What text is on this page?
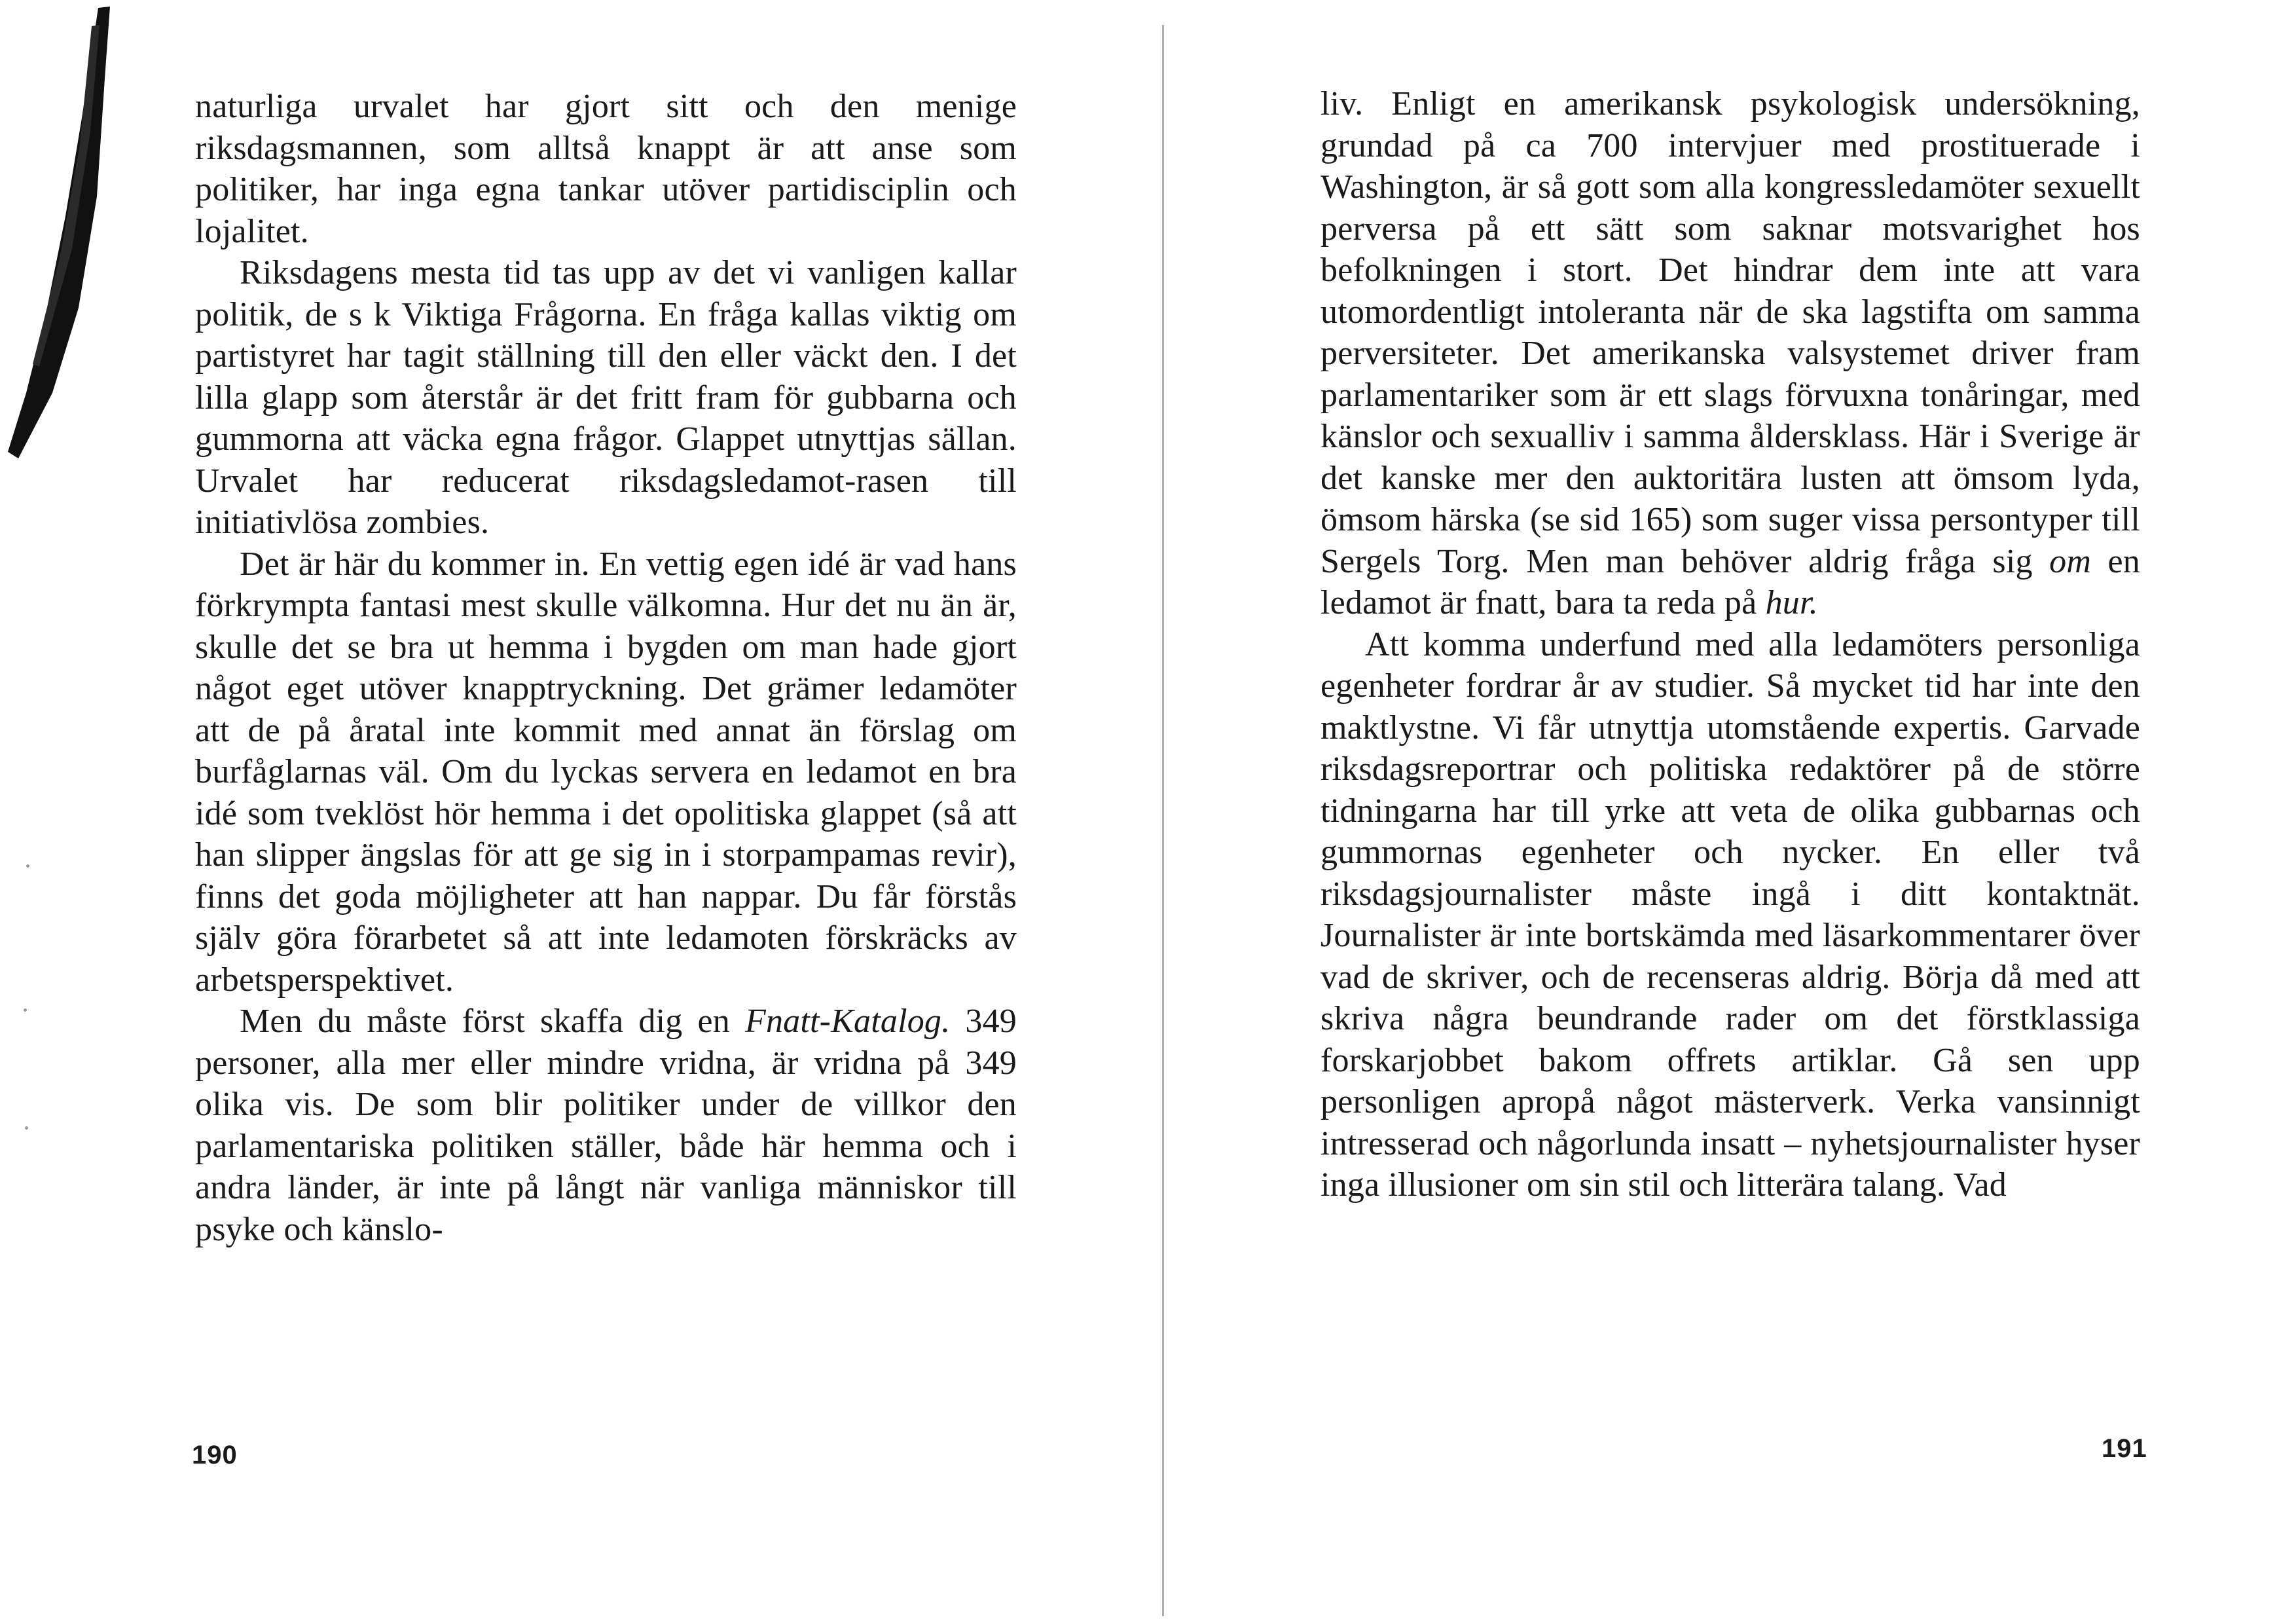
naturliga urvalet har gjort sitt och den menige riksdagsmannen, som alltså knappt är att anse som politiker, har inga egna tankar utöver partidisciplin och lojalitet.

Riksdagens mesta tid tas upp av det vi vanligen kallar politik, de s k Viktiga Frågorna. En fråga kallas viktig om partistyret har tagit ställning till den eller väckt den. I det lilla glapp som återstår är det fritt fram för gubbarna och gummorna att väcka egna frågor. Glappet utnyttjas sällan. Urvalet har reducerat riksdagsledamot-rasen till initiativlösa zombies.

Det är här du kommer in. En vettig egen idé är vad hans förkrympta fantasi mest skulle välkomna. Hur det nu än är, skulle det se bra ut hemma i bygden om man hade gjort något eget utöver knapptryckning. Det grämer ledamöter att de på åratal inte kommit med annat än förslag om burfåglarnas väl. Om du lyckas servera en ledamot en bra idé som tveklöst hör hemma i det opolitiska glappet (så att han slipper ängslas för att ge sig in i storpampamas revir), finns det goda möjligheter att han nappar. Du får förstås själv göra förarbetet så att inte ledamoten förskräcks av arbetsperspektivet.

Men du måste först skaffa dig en Fnatt-Katalog. 349 personer, alla mer eller mindre vridna, är vridna på 349 olika vis. De som blir politiker under de villkor den parlamentariska politiken ställer, både här hemma och i andra länder, är inte på långt när vanliga människor till psyke och känslo-

190

liv. Enligt en amerikansk psykologisk undersökning, grundad på ca 700 intervjuer med prostituerade i Washington, är så gott som alla kongressledamöter sexuellt perversa på ett sätt som saknar motsvarighet hos befolkningen i stort. Det hindrar dem inte att vara utomordentligt intoleranta när de ska lagstifta om samma perversiteter. Det amerikanska valsystemet driver fram parlamentariker som är ett slags förvuxna tonåringar, med känslor och sexualliv i samma åldersklass. Här i Sverige är det kanske mer den auktoritära lusten att ömsom lyda, ömsom härska (se sid 165) som suger vissa persontyper till Sergels Torg. Men man behöver aldrig fråga sig om en ledamot är fnatt, bara ta reda på hur.

Att komma underfund med alla ledamöters personliga egenheter fordrar år av studier. Så mycket tid har inte den maktlystne. Vi får utnyttja utomstående expertis. Garvade riksdagsreportrar och politiska redaktörer på de större tidningarna har till yrke att veta de olika gubbarnas och gummornas egenheter och nycker. En eller två riksdagsjournalister måste ingå i ditt kontaktnät. Journalister är inte bortskämda med läsarkommentarer över vad de skriver, och de recenseras aldrig. Börja då med att skriva några beundrande rader om det förstklassiga forskarjobbet bakom offrets artiklar. Gå sen upp personligen apropå något mästerverk. Verka vansinnigt intresserad och någorlunda insatt – nyhetsjournalister hyser inga illusioner om sin stil och litterära talang. Vad

191
